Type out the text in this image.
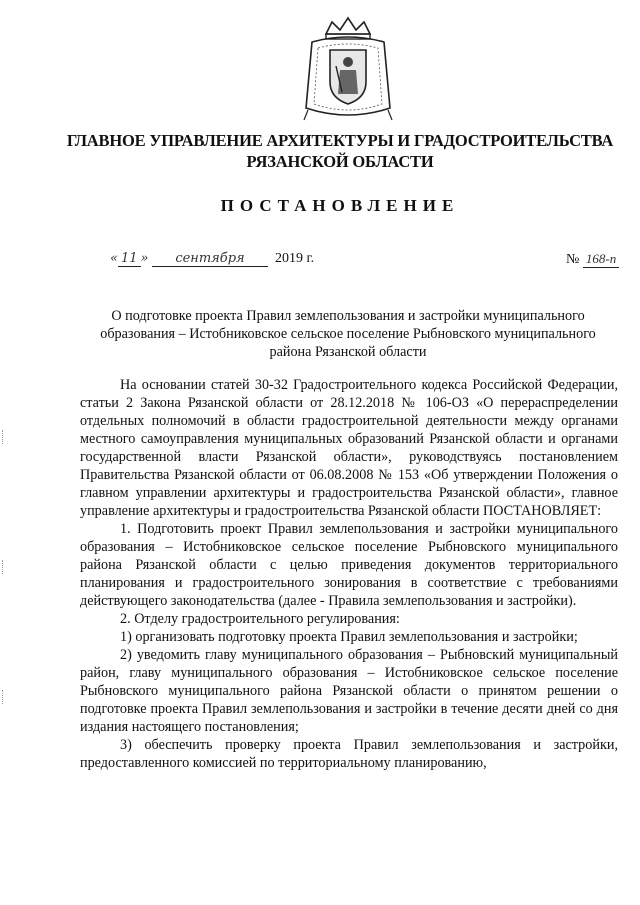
ГЛАВНОЕ УПРАВЛЕНИЕ АРХИТЕКТУРЫ И ГРАДОСТРОИТЕЛЬСТВА
РЯЗАНСКОЙ ОБЛАСТИ
ПОСТАНОВЛЕНИЕ
« 11 » сентября 2019 г.	№ 168-п
О подготовке проекта Правил землепользования и застройки муниципального
образования – Истобниковское сельское поселение Рыбновского муниципального
района Рязанской области

На основании статей 30-32 Градостроительного кодекса Российской Федерации, статьи 2 Закона Рязанской области от 28.12.2018 № 106-ОЗ «О перераспределении отдельных полномочий в области градостроительной деятельности между органами местного самоуправления муниципальных образований Рязанской области и органами государственной власти Рязанской области», руководствуясь постановлением Правительства Рязанской области от 06.08.2008 № 153 «Об утверждении Положения о главном управлении архитектуры и градостроительства Рязанской области», главное управление архитектуры и градостроительства Рязанской области ПОСТАНОВЛЯЕТ:

1. Подготовить проект Правил землепользования и застройки муниципального образования – Истобниковское сельское поселение Рыбновского муниципального района Рязанской области с целью приведения документов территориального планирования и градостроительного зонирования в соответствие с требованиями действующего законодательства (далее - Правила землепользования и застройки).

2. Отделу градостроительного регулирования:

1) организовать подготовку проекта Правил землепользования и застройки;

2) уведомить главу муниципального образования – Рыбновский муниципальный район, главу муниципального образования – Истобниковское сельское поселение Рыбновского муниципального района Рязанской области о принятом решении о подготовке проекта Правил землепользования и застройки в течение десяти дней со дня издания настоящего постановления;

3) обеспечить проверку проекта Правил землепользования и застройки, предоставленного комиссией по территориальному планированию,
